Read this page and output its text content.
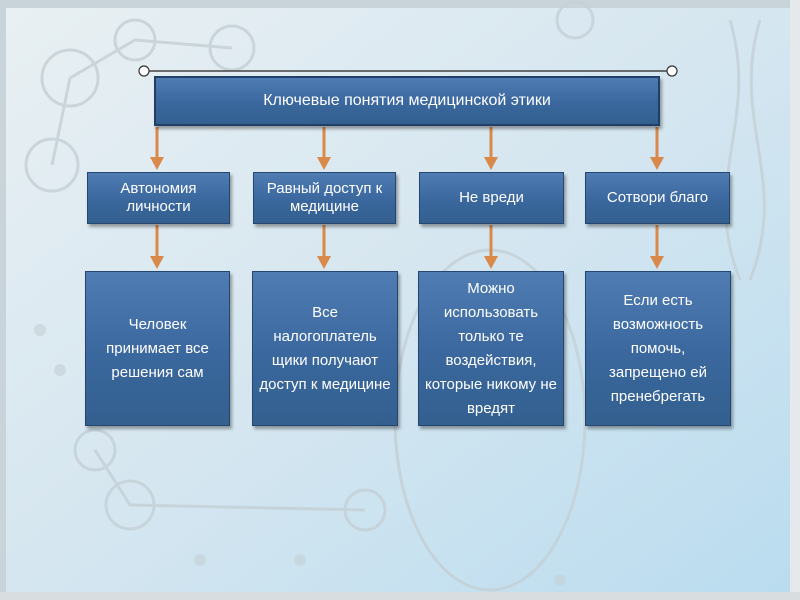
Ключевые понятия медицинской этики
Автономия личности
Равный доступ к медицине
Не вреди	Сотвори благо
Человек принимает все решения сам
Все налогоплатель щики получают доступ к медицине
Можно использовать только те воздействия, которые никому не вредят
Если есть возможность помочь, запрещено ей пренебрегать
